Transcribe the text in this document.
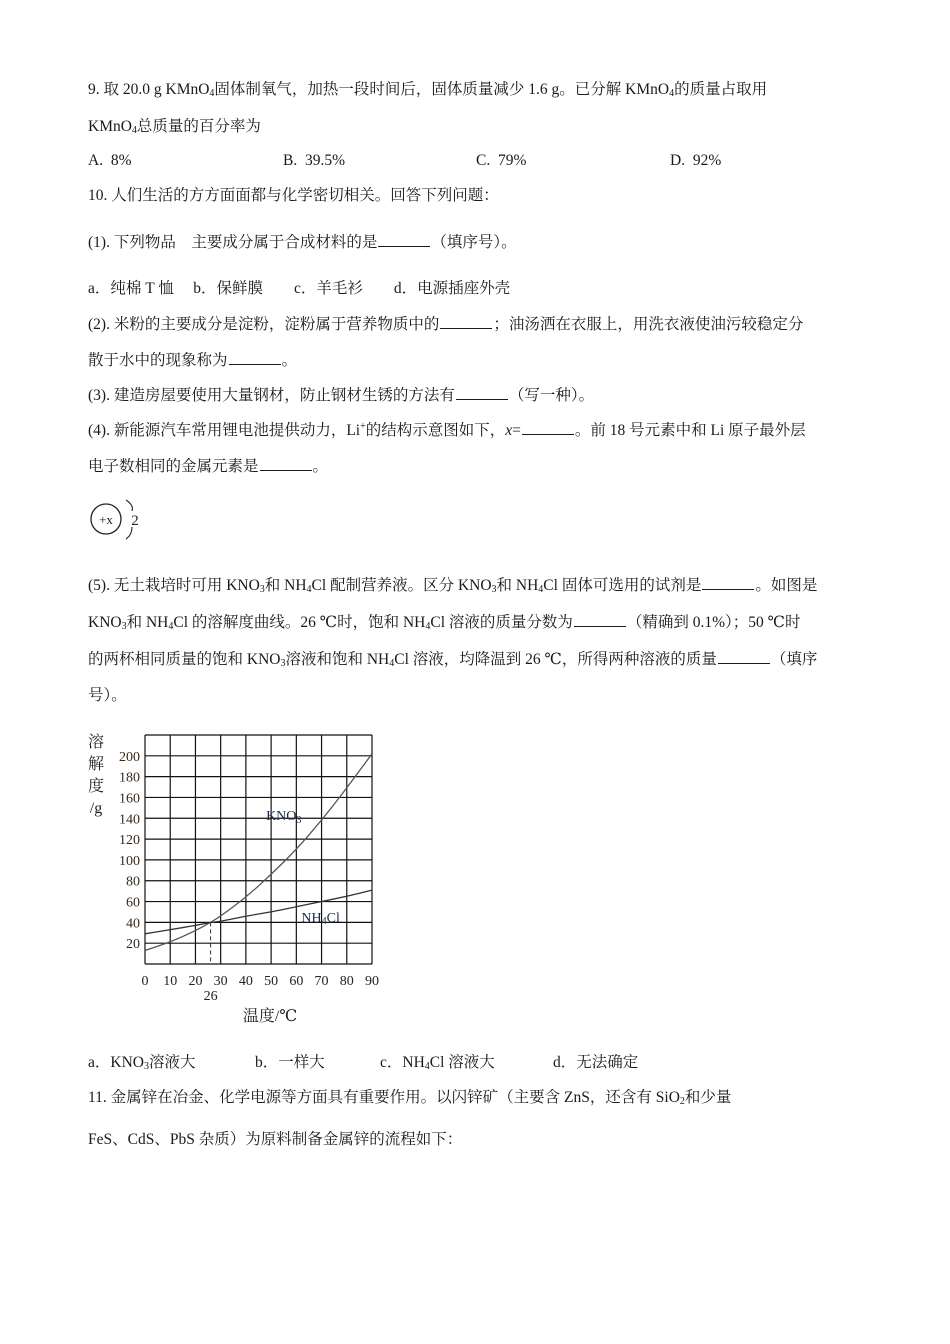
9. 取 20.0 g KMnO$_4$固体制氧气，加热一段时间后，固体质量减少 1.6 g。已分解 KMnO$_4$的质量占取用
KMnO$_4$总质量的百分率为
A. 8%	B. 39.5%	C. 79%	D. 92%
10. 人们生活的方方面面都与化学密切相关。回答下列问题：
(1). 下列物品　主要成分属于合成材料的是	（填序号）。
a．纯棉 T 恤　 b．保鲜膜　　c．羊毛衫　　d．电源插座外壳
(2). 米粉的主要成分是淀粉，淀粉属于营养物质中的	；油汤洒在衣服上，用洗衣液使油污较稳定分
散于水中的现象称为	。
(3). 建造房屋要使用大量钢材，防止钢材生锈的方法有	（写一种）。
(4). 新能源汽车常用锂电池提供动力，Li+的结构示意图如下，x=	。前 18 号元素中和 Li 原子最外层
电子数相同的金属元素是	。
+x 2
(5). 无土栽培时可用 $KNO_3$和 $NH_4Cl$ 配制营养液。区分 $KNO_3$和 $NH_4Cl$ 固体可选用的试剂是	。如图是
$KNO_3$和 $NH_4Cl$ 的溶解度曲线。26 ℃时，饱和 $NH_4Cl$ 溶液的质量分数为	（精确到 0.1%）；50 ℃时
的两杯相同质量的饱和 $KNO_3$溶液和饱和 $NH_4Cl$ 溶液，均降温到 26 ℃，所得两种溶液的质量	（填序
号）。
20
40
60
80
100
120
140
160
180
200
0 10 20 30 40 50 60 70 80 90
26
溶
解
度
/g
温度/℃
$KNO_3$
NH4Cl
a．$KNO_3$溶液大	b．一样大	c．$NH_4Cl$ 溶液大	d．无法确定
11. 金属锌在冶金、化学电源等方面具有重要作用。以闪锌矿（主要含 ZnS，还含有 SiO$_2$和少量
FeS、CdS、PbS 杂质）为原料制备金属锌的流程如下：
